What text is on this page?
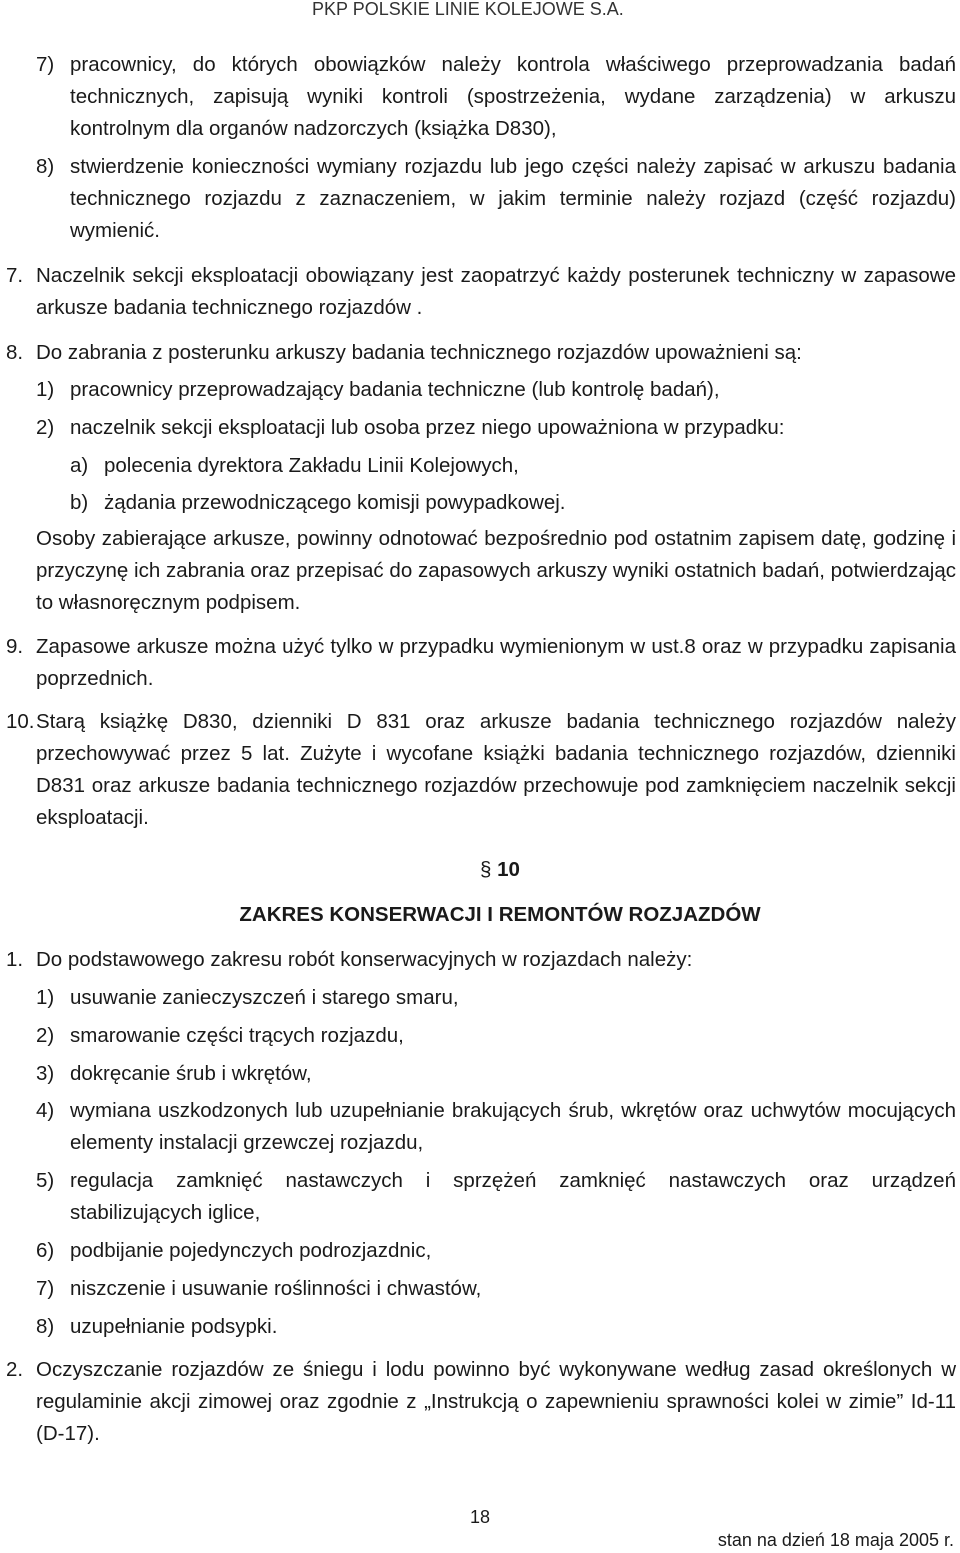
PKP POLSKIE LINIE KOLEJOWE S.A.
7) pracownicy, do których obowiązków należy kontrola właściwego przeprowadzania badań technicznych, zapisują wyniki kontroli (spostrzeżenia, wydane zarządzenia) w arkuszu kontrolnym dla organów nadzorczych (książka D830),
8) stwierdzenie konieczności wymiany rozjazdu lub jego części należy zapisać w arkuszu badania technicznego rozjazdu z zaznaczeniem, w jakim terminie należy rozjazd (część rozjazdu) wymienić.
7. Naczelnik sekcji eksploatacji obowiązany jest zaopatrzyć każdy posterunek techniczny w zapasowe arkusze badania technicznego rozjazdów .
8. Do zabrania z posterunku arkuszy badania technicznego rozjazdów upoważnieni są:
1) pracownicy przeprowadzający badania techniczne (lub kontrolę badań),
2) naczelnik sekcji eksploatacji lub osoba przez niego upoważniona w przypadku:
a) polecenia dyrektora Zakładu Linii Kolejowych,
b) żądania przewodniczącego komisji powypadkowej.
Osoby zabierające arkusze, powinny odnotować bezpośrednio pod ostatnim zapisem datę, godzinę i przyczynę ich zabrania oraz przepisać do zapasowych arkuszy wyniki ostatnich badań, potwierdzając to własnoręcznym podpisem.
9. Zapasowe arkusze można użyć tylko w przypadku wymienionym w ust.8 oraz w przypadku zapisania poprzednich.
10. Starą książkę D830, dzienniki D 831 oraz arkusze badania technicznego rozjazdów należy przechowywać przez 5 lat. Zużyte i wycofane książki badania technicznego rozjazdów, dzienniki D831 oraz arkusze badania technicznego rozjazdów przechowuje pod zamknięciem naczelnik sekcji eksploatacji.
§ 10
ZAKRES KONSERWACJI I REMONTÓW ROZJAZDÓW
1. Do podstawowego zakresu robót konserwacyjnych w rozjazdach należy:
1) usuwanie zanieczyszczeń i starego smaru,
2) smarowanie części trących rozjazdu,
3) dokręcanie śrub i wkrętów,
4) wymiana uszkodzonych lub uzupełnianie brakujących śrub, wkrętów oraz uchwytów mocujących elementy instalacji grzewczej rozjazdu,
5) regulacja zamknięć nastawczych i sprzężeń zamknięć nastawczych oraz urządzeń stabilizujących iglice,
6) podbijanie pojedynczych podrozjazdnic,
7) niszczenie i usuwanie roślinności i chwastów,
8) uzupełnianie podsypki.
2. Oczyszczanie rozjazdów ze śniegu i lodu powinno być wykonywane według zasad określonych w regulaminie akcji zimowej oraz zgodnie z „Instrukcją o zapewnieniu sprawności kolei w zimie” Id-11 (D-17).
18
stan na dzień 18 maja 2005 r.
